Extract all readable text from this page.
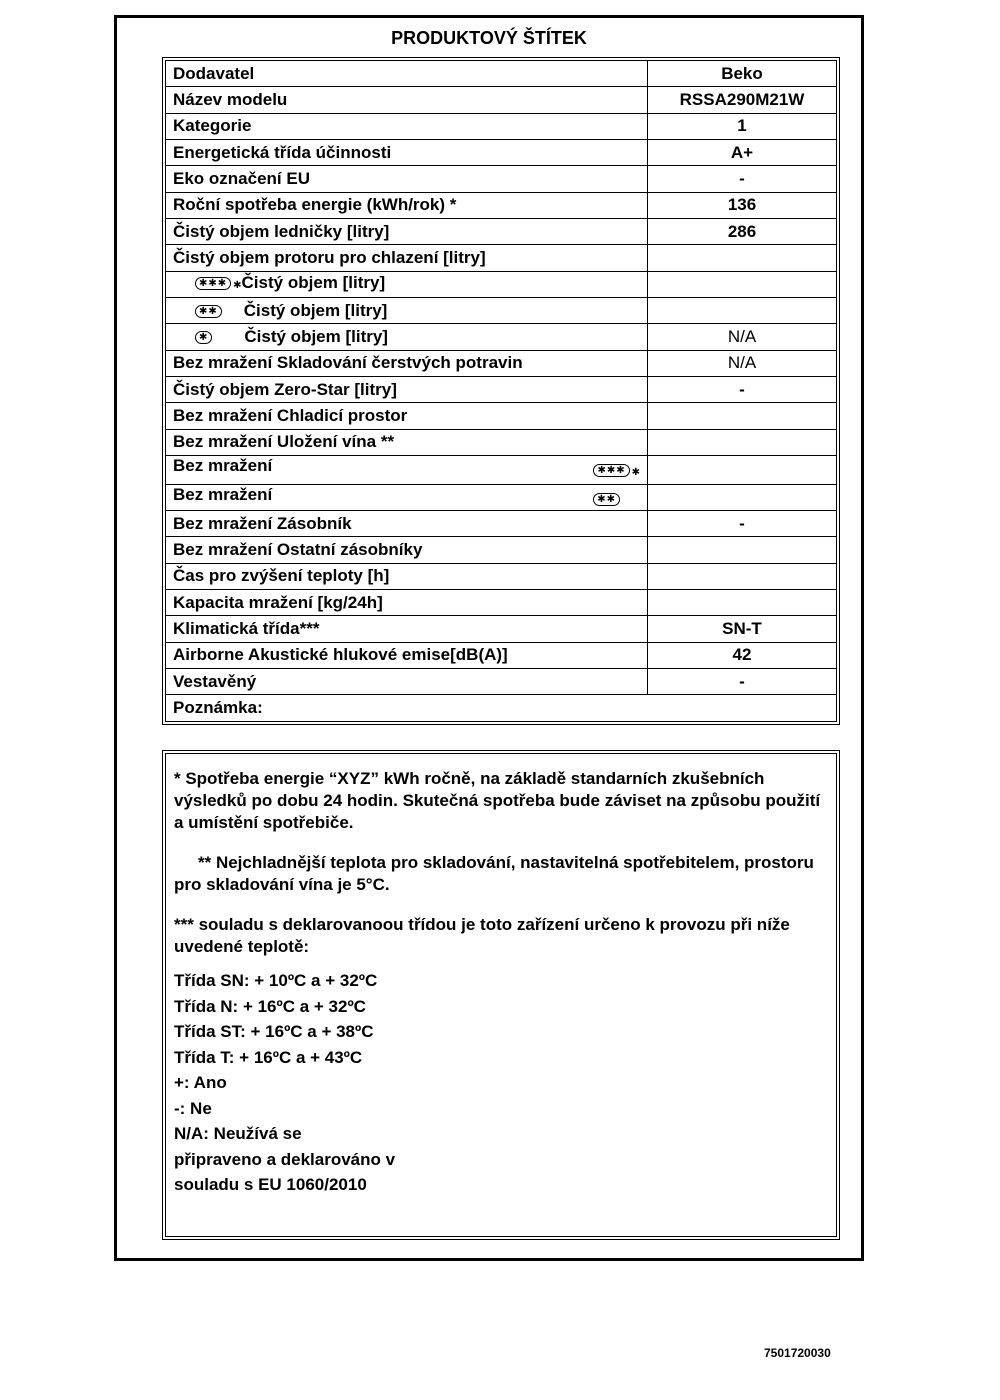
PRODUKTOVÝ ŠTÍTEK
Dodavatel	Beko
Název modelu	RSSA290M21W
Kategorie	1
Energetická třída účinnosti	A+
Eko označení EU	-
Roční spotřeba energie (kWh/rok) *	136
Čistý objem ledničky [litry]	286
Čistý objem protoru pro chlazení [litry]	
✱✱✱ ✱Čistý objem [litry]	
✱✱ Čistý objem [litry]	
✱ Čistý objem [litry]	N/A
Bez mražení Skladování čerstvých potravin	N/A
Čistý objem Zero-Star [litry]	-
Bez mražení Chladicí prostor	
Bez mražení Uložení vína **	
Bez mražení ✱✱✱ ✱	

Bez mražení ✱✱	

Bez mražení Zásobník	-
Bez mražení Ostatní zásobníky	
Čas pro zvýšení teploty [h]	
Kapacita mražení [kg/24h]	
Klimatická třída***	SN-T
Airborne Akustické hlukové emise[dB(A)]	42
Vestavěný	-
Poznámka:	

* Spotřeba energie “XYZ” kWh ročně, na základě standarních zkušebních výsledků po dobu 24 hodin. Skutečná spotřeba bude záviset na způsobu použití a umístění spotřebiče.

** Nejchladnější teplota pro skladování, nastavitelná spotřebitelem, prostoru pro skladování vína je 5°C.

*** souladu s deklarovanoou třídou je toto zařízení určeno k provozu při níže uvedené teplotě:

Třída SN: + 10ºC a + 32ºC

Třída N: + 16ºC a + 32ºC

Třída ST: + 16ºC a + 38ºC

Třída T: + 16ºC a + 43ºC

+: Ano

-: Ne

N/A: Neužívá se

připraveno a deklarováno v

souladu s EU 1060/2010

7501720030
